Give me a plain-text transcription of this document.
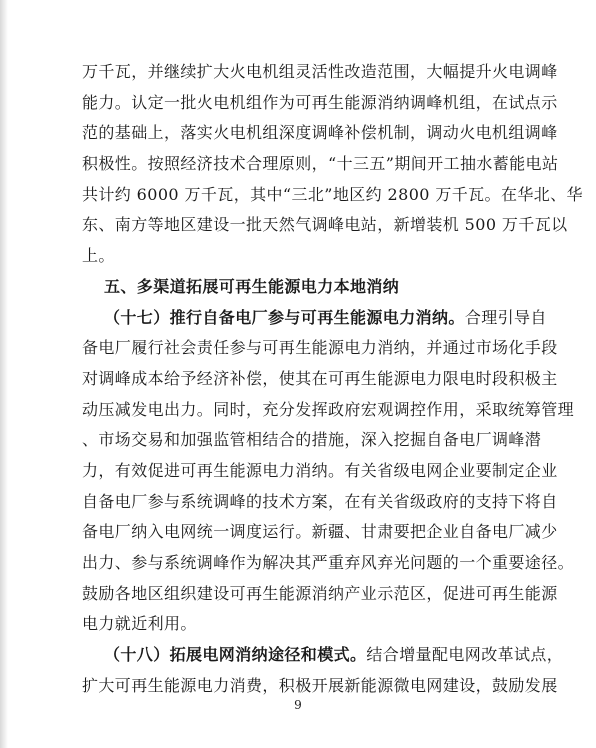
万千瓦，并继续扩大火电机组灵活性改造范围，大幅提升火电调峰
能力。认定一批火电机组作为可再生能源消纳调峰机组，在试点示
范的基础上，落实火电机组深度调峰补偿机制，调动火电机组调峰
积极性。按照经济技术合理原则，“十三五”期间开工抽水蓄能电站
共计约 6000 万千瓦，其中“三北”地区约 2800 万千瓦。在华北、华
东、南方等地区建设一批天然气调峰电站，新增装机 500 万千瓦以
上。
五、多渠道拓展可再生能源电力本地消纳
（十七）推行自备电厂参与可再生能源电力消纳。合理引导自
备电厂履行社会责任参与可再生能源电力消纳，并通过市场化手段
对调峰成本给予经济补偿，使其在可再生能源电力限电时段积极主
动压减发电出力。同时，充分发挥政府宏观调控作用，采取统筹管理
、市场交易和加强监管相结合的措施，深入挖掘自备电厂调峰潜
力，有效促进可再生能源电力消纳。有关省级电网企业要制定企业
自备电厂参与系统调峰的技术方案，在有关省级政府的支持下将自
备电厂纳入电网统一调度运行。新疆、甘肃要把企业自备电厂减少
出力、参与系统调峰作为解决其严重弃风弃光问题的一个重要途径。
鼓励各地区组织建设可再生能源消纳产业示范区，促进可再生能源
电力就近利用。
（十八）拓展电网消纳途径和模式。结合增量配电网改革试点，
扩大可再生能源电力消费，积极开展新能源微电网建设，鼓励发展
9
